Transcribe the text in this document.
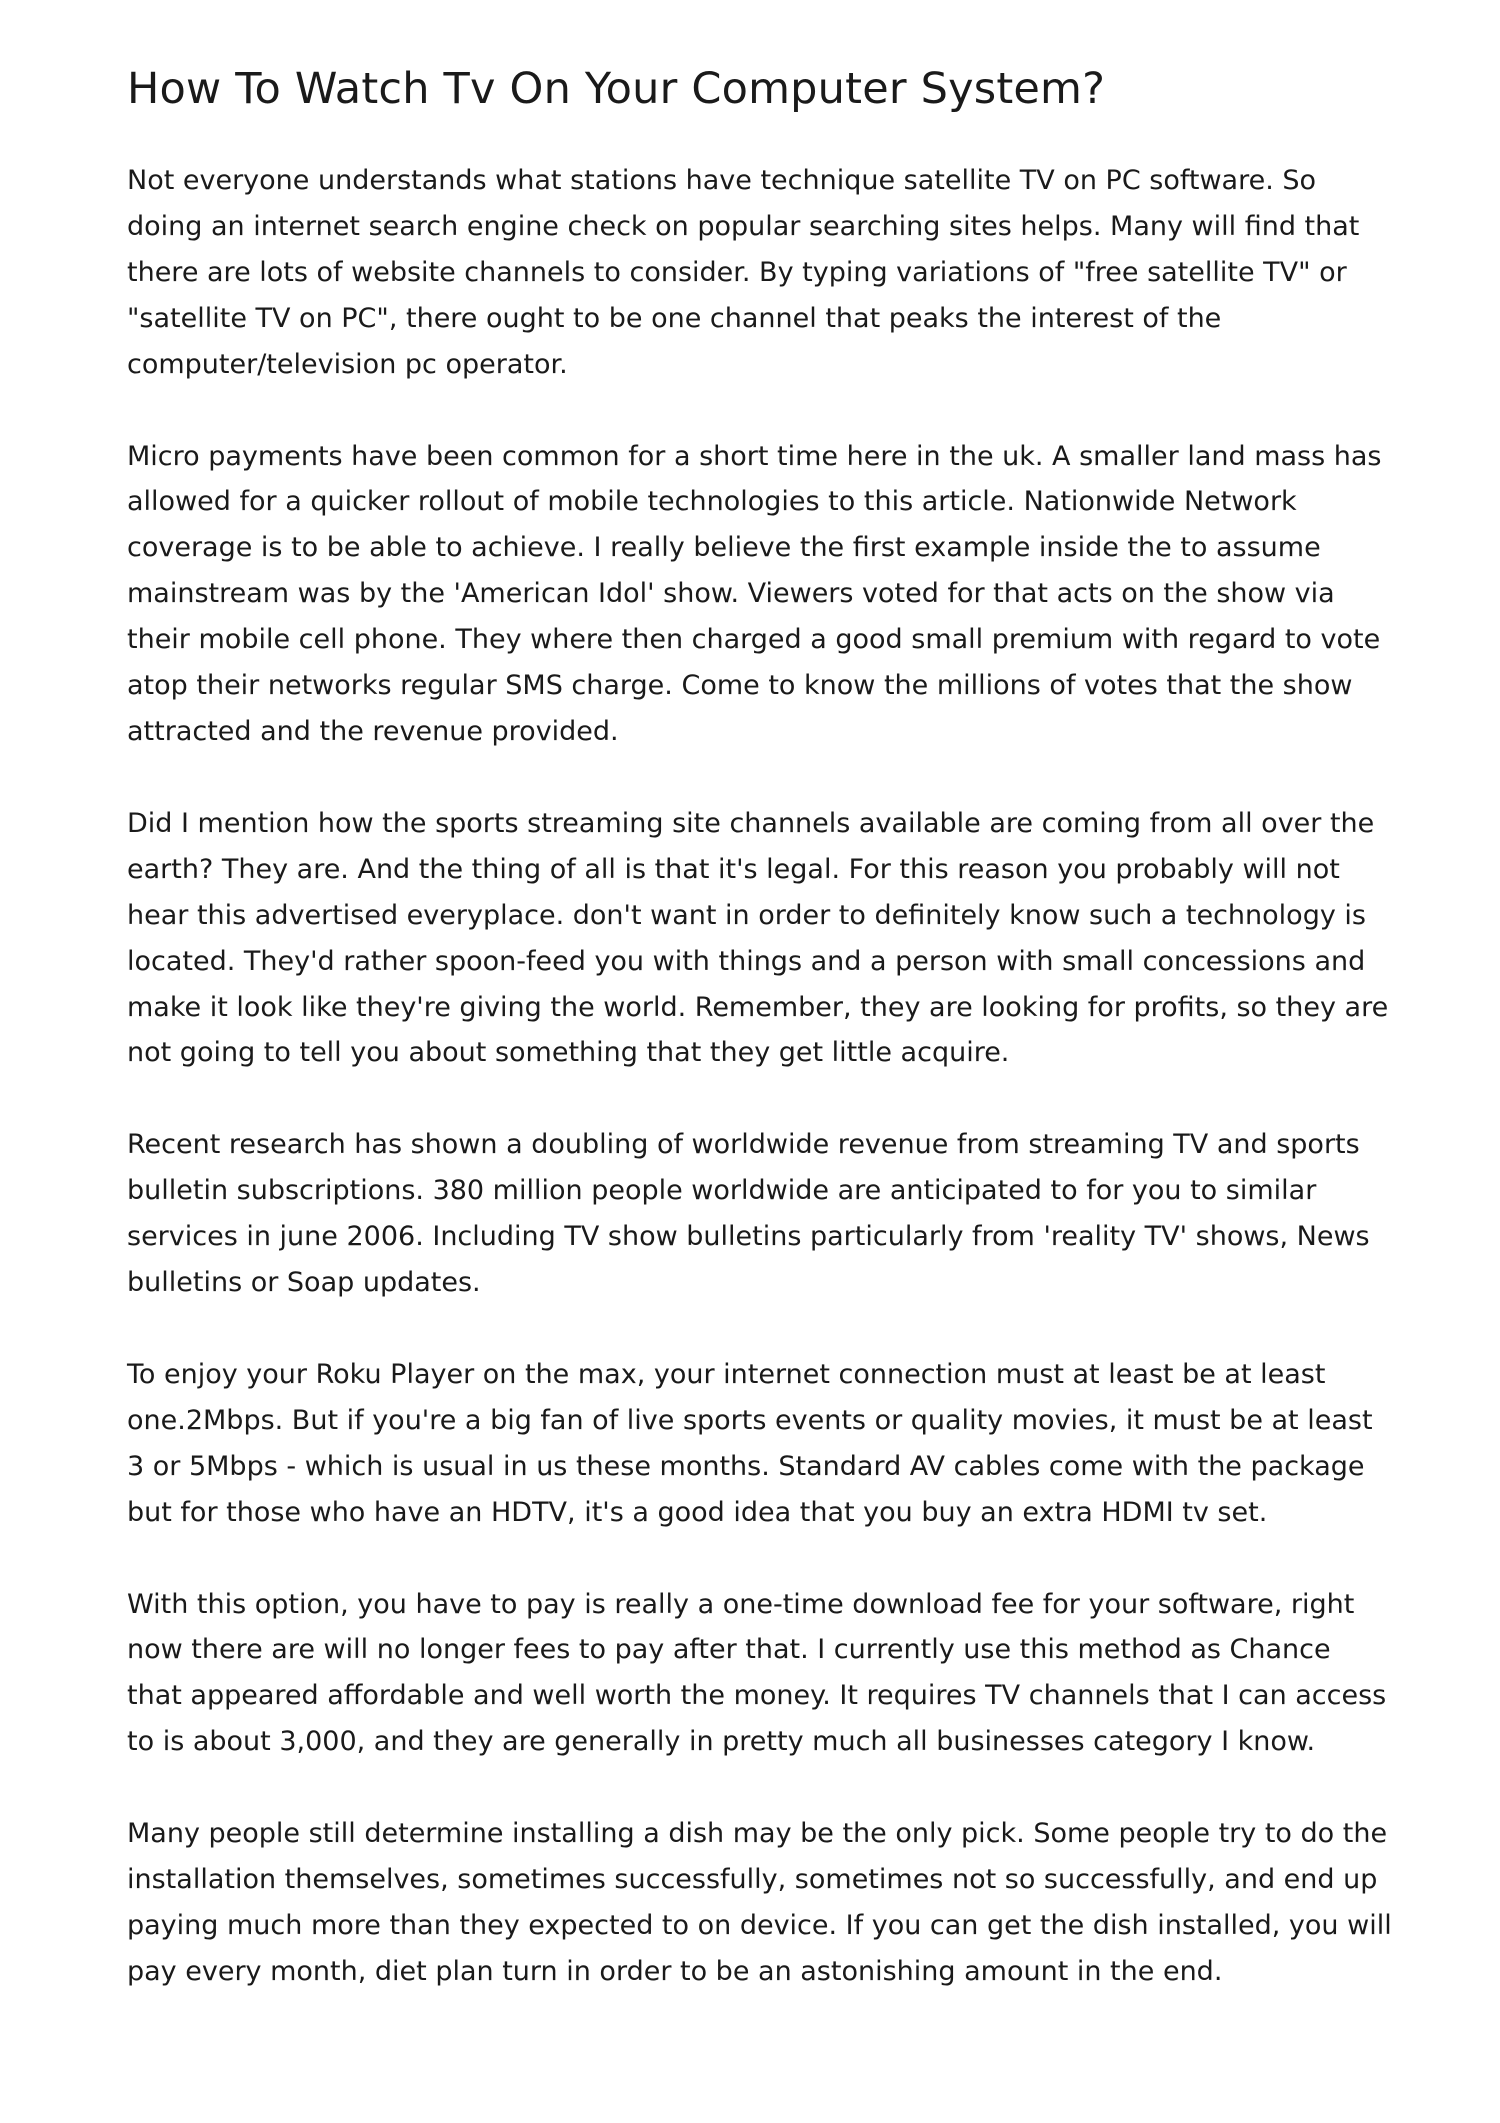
How To Watch Tv On Your Computer System?

Not everyone understands what stations have technique satellite TV on PC software. So doing an internet search engine check on popular searching sites helps. Many will find that there are lots of website channels to consider. By typing variations of "free satellite TV" or "satellite TV on PC", there ought to be one channel that peaks the interest of the computer/television pc operator.

Micro payments have been common for a short time here in the uk. A smaller land mass has allowed for a quicker rollout of mobile technologies to this article. Nationwide Network coverage is to be able to achieve. I really believe the first example inside the to assume mainstream was by the 'American Idol' show. Viewers voted for that acts on the show via their mobile cell phone. They where then charged a good small premium with regard to vote atop their networks regular SMS charge. Come to know the millions of votes that the show attracted and the revenue provided.

Did I mention how the sports streaming site channels available are coming from all over the earth? They are. And the thing of all is that it's legal. For this reason you probably will not hear this advertised everyplace. don't want in order to definitely know such a technology is located. They'd rather spoon-feed you with things and a person with small concessions and make it look like they're giving the world. Remember, they are looking for profits, so they are not going to tell you about something that they get little acquire.

Recent research has shown a doubling of worldwide revenue from streaming TV and sports bulletin subscriptions. 380 million people worldwide are anticipated to for you to similar services in june 2006. Including TV show bulletins particularly from 'reality TV' shows, News bulletins or Soap updates.

To enjoy your Roku Player on the max, your internet connection must at least be at least one.2Mbps. But if you're a big fan of live sports events or quality movies, it must be at least 3 or 5Mbps - which is usual in us these months. Standard AV cables come with the package but for those who have an HDTV, it's a good idea that you buy an extra HDMI tv set.

With this option, you have to pay is really a one-time download fee for your software, right now there are will no longer fees to pay after that. I currently use this method as Chance that appeared affordable and well worth the money. It requires TV channels that I can access to is about 3,000, and they are generally in pretty much all businesses category I know.

Many people still determine installing a dish may be the only pick. Some people try to do the installation themselves, sometimes successfully, sometimes not so successfully, and end up paying much more than they expected to on device. If you can get the dish installed, you will pay every month, diet plan turn in order to be an astonishing amount in the end.
